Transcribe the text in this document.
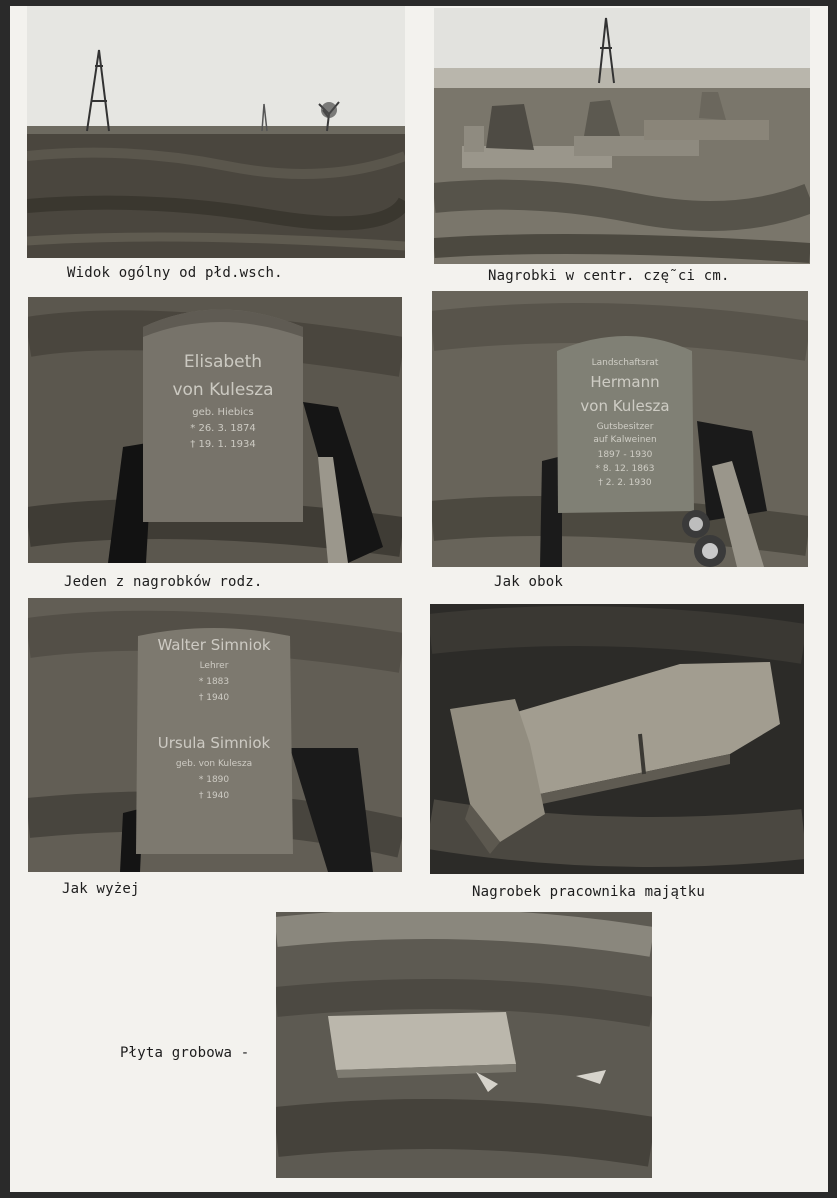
Widok ogólny od płd.wsch.	Nagrobki w centr. czę˜ci cm.
Elisabeth
von Kulesza
geb. Hiebics
* 26. 3. 1874
† 19. 1. 1934
Jeden z nagrobków rodz.
Landschaftsrat
Hermann
von Kulesza
Gutsbesitzer
auf Kalweinen
1897 - 1930
* 8. 12. 1863
† 2. 2. 1930
Jak obok
Walter Simniok
Lehrer
* 1883
† 1940
Ursula Simniok
geb. von Kulesza
* 1890
† 1940
Jak wyżej	Nagrobek pracownika majątku
Płyta grobowa -
